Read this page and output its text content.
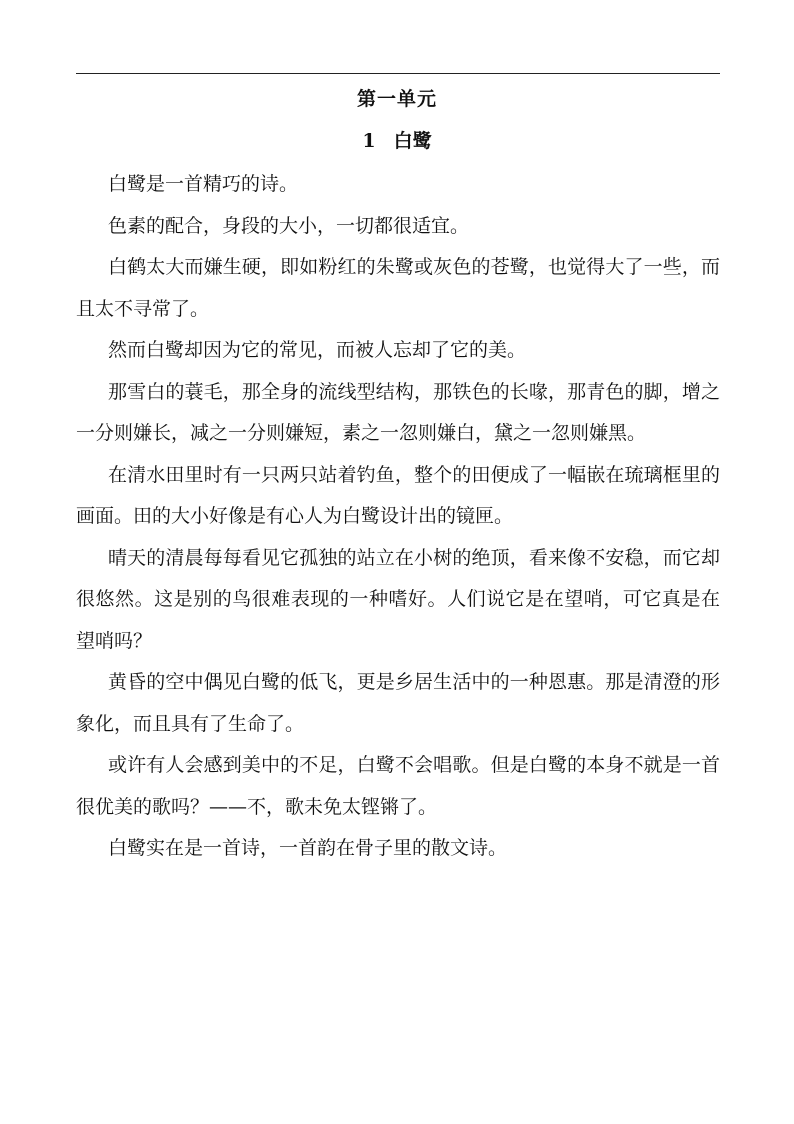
第一单元
1 白鹭

白鹭是一首精巧的诗。

色素的配合，身段的大小，一切都很适宜。

白鹤太大而嫌生硬，即如粉红的朱鹭或灰色的苍鹭，也觉得大了一些，而且太不寻常了。

然而白鹭却因为它的常见，而被人忘却了它的美。

那雪白的蓑毛，那全身的流线型结构，那铁色的长喙，那青色的脚，增之一分则嫌长，减之一分则嫌短，素之一忽则嫌白，黛之一忽则嫌黑。

在清水田里时有一只两只站着钓鱼，整个的田便成了一幅嵌在琉璃框里的画面。田的大小好像是有心人为白鹭设计出的镜匣。

晴天的清晨每每看见它孤独的站立在小树的绝顶，看来像不安稳，而它却很悠然。这是别的鸟很难表现的一种嗜好。人们说它是在望哨，可它真是在望哨吗？

黄昏的空中偶见白鹭的低飞，更是乡居生活中的一种恩惠。那是清澄的形象化，而且具有了生命了。

或许有人会感到美中的不足，白鹭不会唱歌。但是白鹭的本身不就是一首很优美的歌吗？——不，歌未免太铿锵了。

白鹭实在是一首诗，一首韵在骨子里的散文诗。
